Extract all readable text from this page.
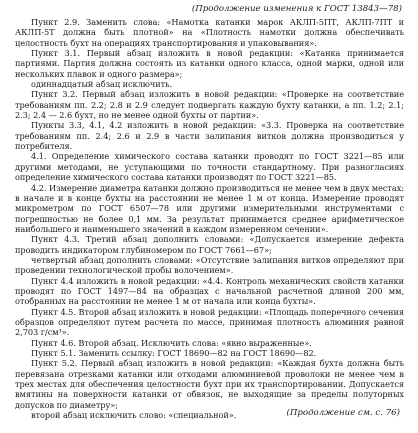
(Продолжение изменения к ГОСТ 13843—78)

Пункт 2.9. Заменить слова: «Намотка катанки марок АКЛП-5ПТ, АКЛП-7ПТ и АКЛП-5Т должна быть плотной» на «Плотность намотки должна обеспечивать целостность бухт на операциях транспортирования и упаковывания».

Пункт 3.1. Первый абзац изложить в новой редакции: «Катанка принимается партиями. Партия должна состоять из катанки одного класса, одной марки, одной или нескольких плавок и одного размера»;

одиннадцатый абзац исключить.

Пункт 3.2. Первый абзац изложить в новой редакции: «Проверке на соответствие требованиям пп. 2.2; 2.8 и 2.9 следует подвергать каждую бухту катанки, а пп. 1.2; 2.1; 2.3; 2.4 — 2.6 бухт, но не менее одной бухты от партии».

Пункты 3.3, 4.1, 4.2 изложить в новой редакции: «3.3. Проверка на соответствие требованиям пп. 2.4; 2.6 и 2.9 в части залипания витков должна производиться у потребителя.

4.1. Определение химического состава катанки проводят по ГОСТ 3221—85 или другими методами, не уступающими по точности стандартному. При разногласиях определение химического состава катанки производят по ГОСТ 3221—85.

4.2. Измерение диаметра катанки должно производиться не менее чем в двух местах: в начале и в конце бухты на расстоянии не менее 1 м от конца. Измерение проводят микрометром по ГОСТ 6507—78 или другими измерительными инструментами с погрешностью не более 0,1 мм. За результат принимается среднее арифметическое наибольшего и наименьшего значений в каждом измеренном сечении».

Пункт 4.3. Третий абзац дополнить словами: «Допускается измерение дефекта проводить индикатором глубиномером по ГОСТ 7661—67»;

четвертый абзац дополнить словами: «Отсутствие залипания витков определяют при проведении технологической пробы волочением».

Пункт 4.4 изложить в новой редакции: «4.4. Контроль механических свойств катанки проводят по ГОСТ 1497—84 на образцах с начальной расчетной длиной 200 мм, отобранных на расстоянии не менее 1 м от начала или конца бухты».

Пункт 4.5. Второй абзац изложить в новой редакции: «Площадь поперечного сечения образцов определяют путем расчета по массе, принимая плотность алюминия равной 2,703 г/см³».

Пункт 4.6. Второй абзац. Исключить слова: «явно выраженные».

Пункт 5.1. Заменить ссылку: ГОСТ 18690—82 на ГОСТ 18690—82.

Пункт 5.2. Первый абзац изложить в новой редакции: «Каждая бухта должна быть перевязана отрезками катанки или отходами алюминиевой проволоки не менее чем в трех местах для обеспечения целостности бухт при их транспортировании. Допускается вмятины на поверхности катанки от обвязок, не выходящие за пределы полуторных допусков по диаметру»;

второй абзац исключить слово: «специальной».	(Продолжение см. с. 76)
